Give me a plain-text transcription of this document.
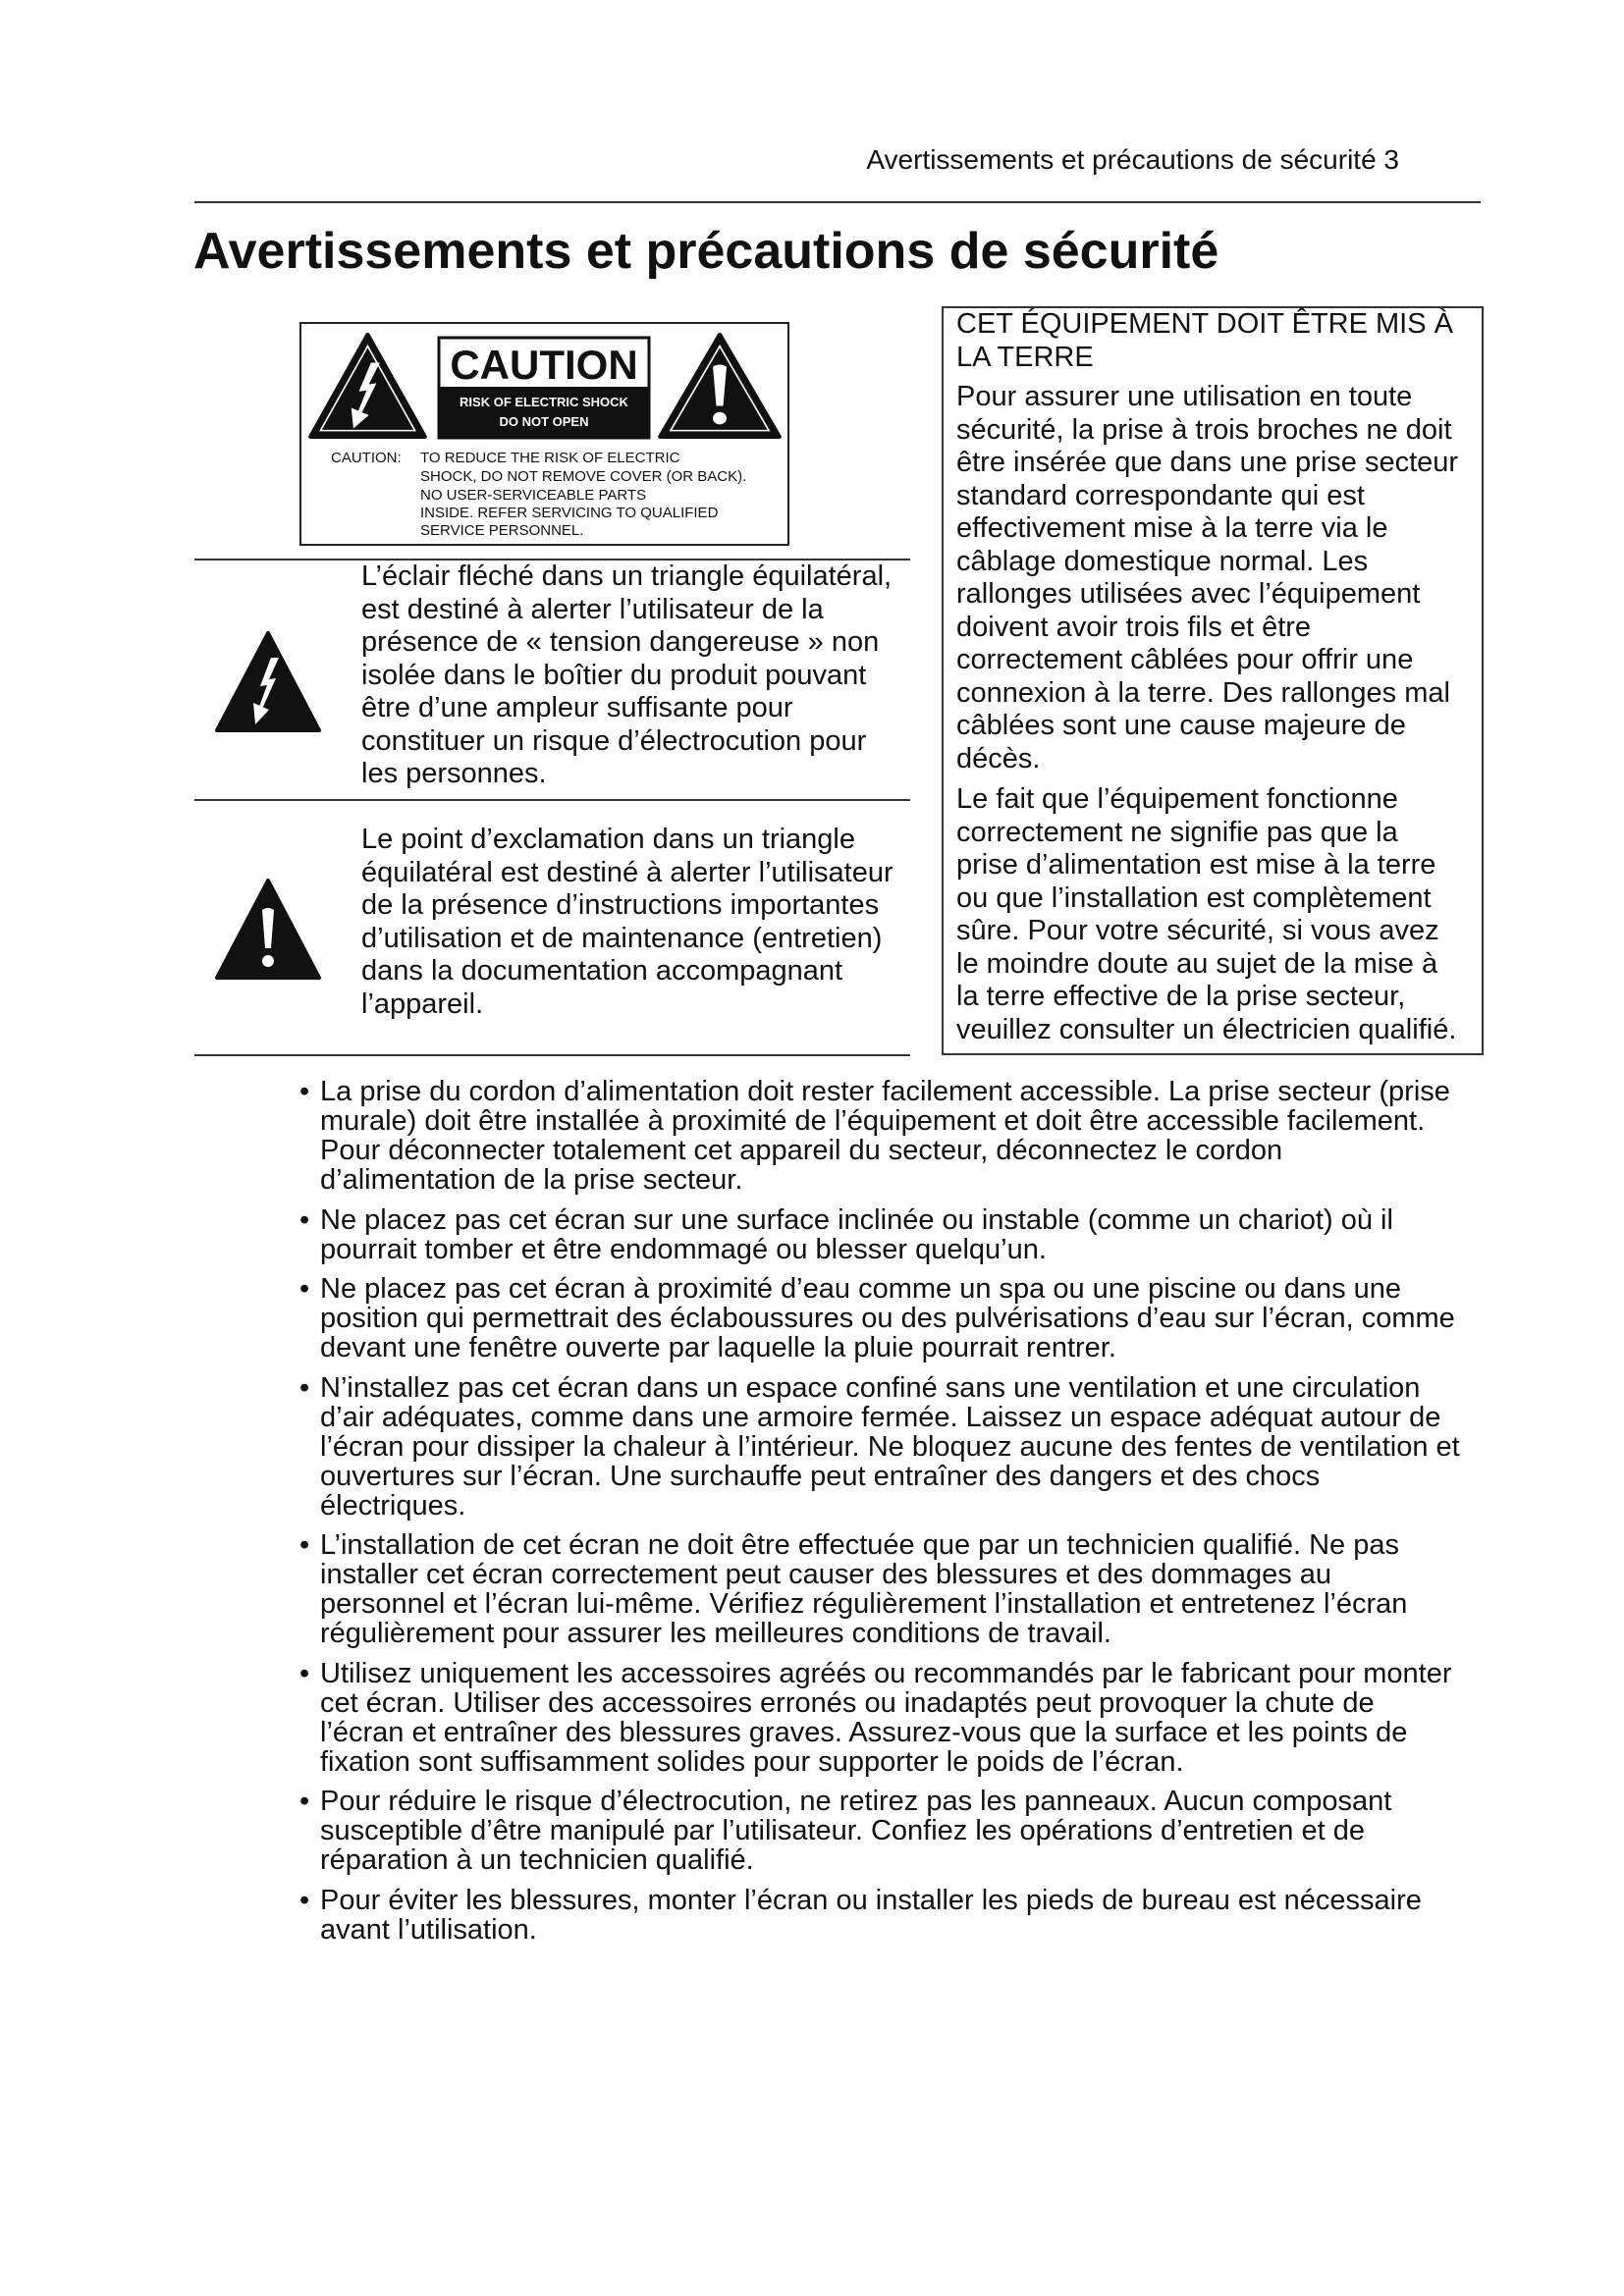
Avertissements et précautions de sécurité 3
Avertissements et précautions de sécurité
CAUTION
RISK OF ELECTRIC SHOCK
DO NOT OPEN
CAUTION: TO REDUCE THE RISK OF ELECTRIC
SHOCK, DO NOT REMOVE COVER (OR BACK).
NO USER-SERVICEABLE PARTS
INSIDE. REFER SERVICING TO QUALIFIED
SERVICE PERSONNEL.
L’éclair fléché dans un triangle équilatéral,
est destiné à alerter l’utilisateur de la
présence de « tension dangereuse » non
isolée dans le boîtier du produit pouvant
être d’une ampleur suffisante pour
constituer un risque d’électrocution pour
les personnes.
Le point d’exclamation dans un triangle
équilatéral est destiné à alerter l’utilisateur
de la présence d’instructions importantes
d’utilisation et de maintenance (entretien)
dans la documentation accompagnant
l’appareil.
CET ÉQUIPEMENT DOIT ÊTRE MIS À
LA TERRE
Pour assurer une utilisation en toute
sécurité, la prise à trois broches ne doit
être insérée que dans une prise secteur
standard correspondante qui est
effectivement mise à la terre via le
câblage domestique normal. Les
rallonges utilisées avec l’équipement
doivent avoir trois fils et être
correctement câblées pour offrir une
connexion à la terre. Des rallonges mal
câblées sont une cause majeure de
décès.
Le fait que l’équipement fonctionne
correctement ne signifie pas que la
prise d’alimentation est mise à la terre
ou que l’installation est complètement
sûre. Pour votre sécurité, si vous avez
le moindre doute au sujet de la mise à
la terre effective de la prise secteur,
veuillez consulter un électricien qualifié.
• La prise du cordon d’alimentation doit rester facilement accessible. La prise secteur (prise
murale) doit être installée à proximité de l’équipement et doit être accessible facilement.
Pour déconnecter totalement cet appareil du secteur, déconnectez le cordon
d’alimentation de la prise secteur.
• Ne placez pas cet écran sur une surface inclinée ou instable (comme un chariot) où il
pourrait tomber et être endommagé ou blesser quelqu’un.
• Ne placez pas cet écran à proximité d’eau comme un spa ou une piscine ou dans une
position qui permettrait des éclaboussures ou des pulvérisations d’eau sur l’écran, comme
devant une fenêtre ouverte par laquelle la pluie pourrait rentrer.
• N’installez pas cet écran dans un espace confiné sans une ventilation et une circulation
d’air adéquates, comme dans une armoire fermée. Laissez un espace adéquat autour de
l’écran pour dissiper la chaleur à l’intérieur. Ne bloquez aucune des fentes de ventilation et
ouvertures sur l’écran. Une surchauffe peut entraîner des dangers et des chocs
électriques.
• L’installation de cet écran ne doit être effectuée que par un technicien qualifié. Ne pas
installer cet écran correctement peut causer des blessures et des dommages au
personnel et l’écran lui-même. Vérifiez régulièrement l’installation et entretenez l’écran
régulièrement pour assurer les meilleures conditions de travail.
• Utilisez uniquement les accessoires agréés ou recommandés par le fabricant pour monter
cet écran. Utiliser des accessoires erronés ou inadaptés peut provoquer la chute de
l’écran et entraîner des blessures graves. Assurez-vous que la surface et les points de
fixation sont suffisamment solides pour supporter le poids de l’écran.
• Pour réduire le risque d’électrocution, ne retirez pas les panneaux. Aucun composant
susceptible d’être manipulé par l’utilisateur. Confiez les opérations d’entretien et de
réparation à un technicien qualifié.
• Pour éviter les blessures, monter l’écran ou installer les pieds de bureau est nécessaire
avant l’utilisation.
